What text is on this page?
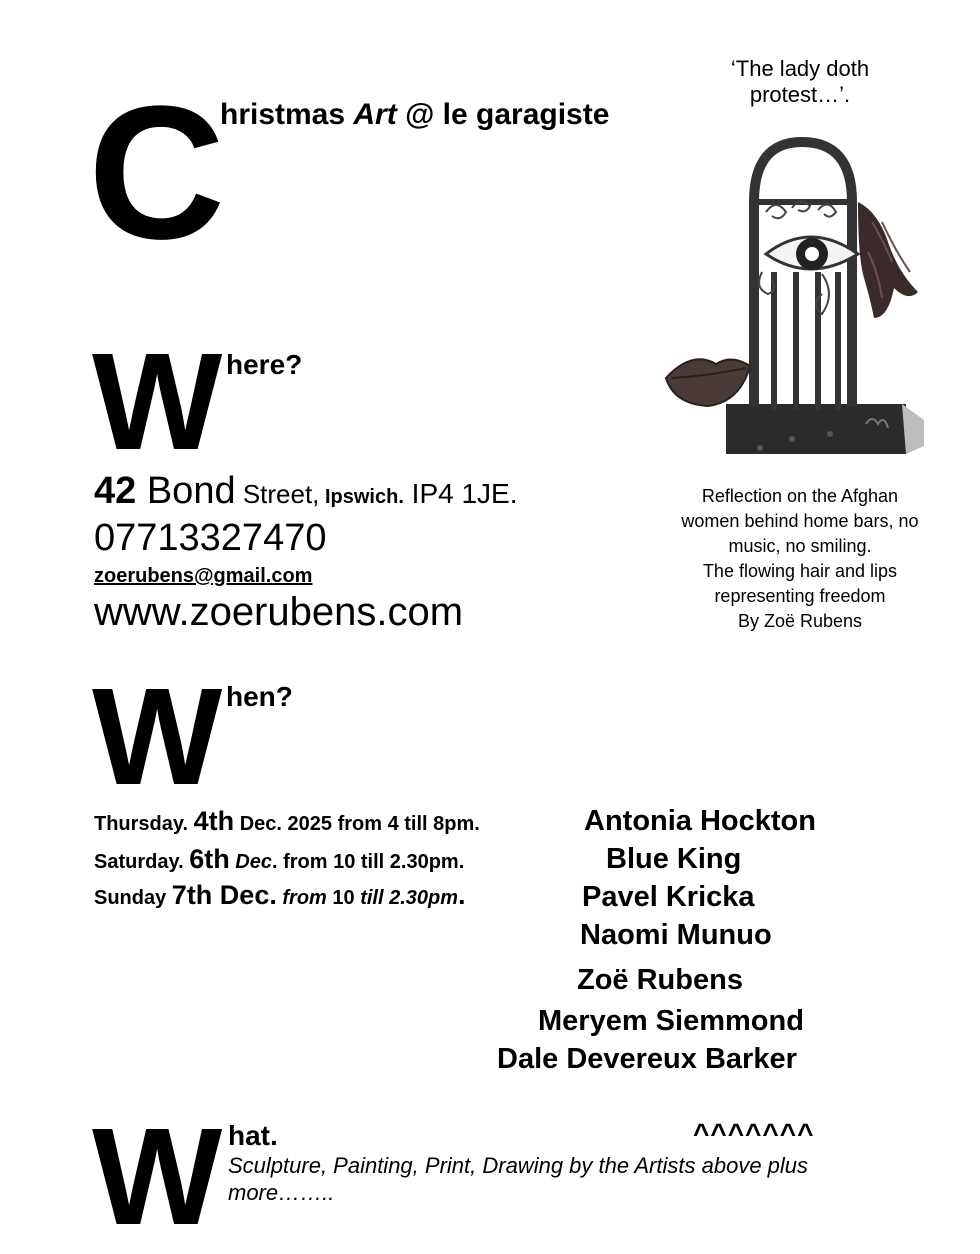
C
hristmas Art @ le garagiste
W here?
42 Bond Street, Ipswich. IP4 1JE.
07713327470
zoerubens@gmail.com
www.zoerubens.com
W hen?
Thursday. 4th Dec. 2025 from 4 till 8pm.
Saturday. 6th Dec. from 10 till 2.30pm.
Sunday 7th Dec. from 10 till 2.30pm.
Antonia Hockton
Blue King
Pavel Kricka
Naomi Munuo
Zoë Rubens
Meryem Siemmond
Dale Devereux Barker
W hat.	^^^^^^^
Sculpture, Painting, Print, Drawing by the Artists above plus more……..
‘The lady doth protest…’.
Reflection on the Afghan
women behind home bars, no
music, no smiling.
The flowing hair and lips
representing freedom
By Zoë Rubens
